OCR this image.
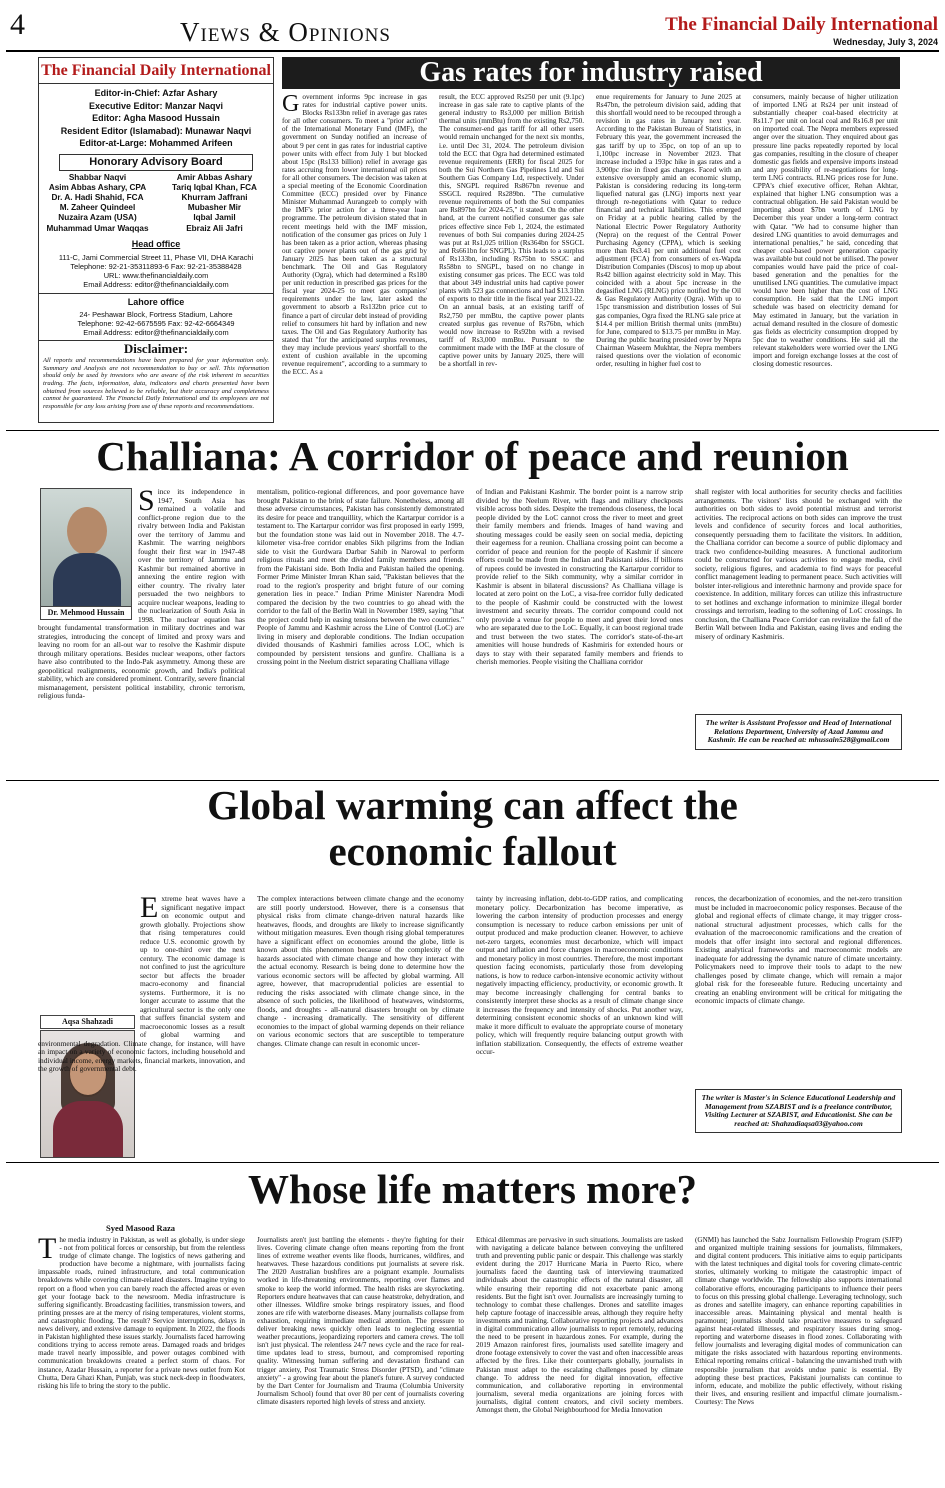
4	Views & Opinions	The Financial Daily International
Wednesday, July 3, 2024
The Financial Daily International
Editor-in-Chief: Azfar Ashary
Executive Editor: Manzar Naqvi
Editor: Agha Masood Hussain
Resident Editor (Islamabad): Munawar Naqvi
Editor-at-Large: Mohammed Arifeen
Honorary Advisory Board
Shabbar Naqvi
Asim Abbas Ashary, CPA
Dr. A. Hadi Shahid, FCA
M. Zaheer Quindeel
Nuzaira Azam (USA)
Muhammad Umar Waqqas
Amir Abbas Ashary
Tariq Iqbal Khan, FCA
Khurram Jaffrani
Mubasher Mir
Iqbal Jamil
Ebraiz Ali Jafri
Head office
111-C, Jami Commercial Street 11, Phase VII, DHA Karachi
Telephone: 92-21-35311893-6 Fax: 92-21-35388428
URL: www.thefinancialdaily.com
Email Address: editor@thefinancialdaily.com
Lahore office
24- Peshawar Block, Fortress Stadium, Lahore
Telephone: 92-42-6675595 Fax: 92-42-6664349
Email Address: editor@thefinancialdaily.com
Disclaimer:
All reports and recommendations have been prepared for your information only. Summary and Analysis are not recommendation to buy or sell. This information should only be used by investors who are aware of the risk inherent in securities trading. The facts, information, data, indicators and charts presented have been obtained from sources believed to be reliable, but their accuracy and completeness cannot be guaranteed. The Financial Daily International and its employees are not responsible for any loss arising from use of these reports and recommendations.
Gas rates for industry raised
Government informs 9pc increase in gas rates for industrial captive power units. Blocks Rs133bn relief in average gas rates for all other consumers. To meet a "prior action" of the International Monetary Fund (IMF), the government on Sunday notified an increase of about 9 per cent in gas rates for industrial captive power units with effect from July 1 but blocked about 15pc (Rs133 billion) relief in average gas rates accruing from lower international oil prices for all other consumers. The decision was taken at a special meeting of the Economic Coordination Committee (ECC) presided over by Finance Minister Muhammad Aurangzeb to comply with the IMF's prior action for a three-year loan programme. The petroleum division stated that in recent meetings held with the IMF mission, notification of the consumer gas prices on July 1 has been taken as a prior action, whereas phasing out captive power plants out of the gas grid by January 2025 has been taken as a structural benchmark. The Oil and Gas Regulatory Authority (Ogra), which had determined a Rs180 per unit reduction in prescribed gas prices for the fiscal year 2024-25 to meet gas companies' requirements under the law, later asked the government to absorb a Rs132bn price cut to finance a part of circular debt instead of providing relief to consumers hit hard by inflation and new taxes. The Oil and Gas Regulatory Authority has stated that "for the anticipated surplus revenues, they may include previous years' shortfall to the extent of cushion available in the upcoming revenue requirement", according to a summary to the ECC. As a
result, the ECC approved Rs250 per unit (9.1pc) increase in gas sale rate to captive plants of the general industry to Rs3,000 per million British thermal units (mmBtu) from the existing Rs2,750. The consumer-end gas tariff for all other users would remain unchanged for the next six months, i.e. until Dec 31, 2024. The petroleum division told the ECC that Ogra had determined estimated revenue requirements (ERR) for fiscal 2025 for both the Sui Northern Gas Pipelines Ltd and Sui Southern Gas Company Ltd, respectively. Under this, SNGPL required Rs867bn revenue and SSGCL required Rs289bn. "The cumulative revenue requirements of both the Sui companies are Rs897bn for 2024-25," it stated. On the other hand, at the current notified consumer gas sale prices effective since Feb 1, 2024, the estimated revenues of both Sui companies during 2024-25 was put at Rs1,025 trillion (Rs364bn for SSGCL and Rs661bn for SNGPL). This leads to a surplus of Rs133bn, including Rs75bn to SSGC and Rs58bn to SNGPL, based on no change in existing consumer gas prices. The ECC was told that about 349 industrial units had captive power plants with 523 gas connections and had $13.31bn of exports to their title in the fiscal year 2021-22. On an annual basis, at an existing tariff of Rs2,750 per mmBtu, the captive power plants created surplus gas revenue of Rs76bn, which would now increase to Rs92bn with a revised tariff of Rs3,000 mmBtu. Pursuant to the commitment made with the IMF at the closure of captive power units by January 2025, there will be a shortfall in rev-
enue requirements for January to June 2025 at Rs47bn, the petroleum division said, adding that this shortfall would need to be recouped through a revision in gas rates in January next year. According to the Pakistan Bureau of Statistics, in February this year, the government increased the gas tariff by up to 35pc, on top of an up to 1,100pc increase in November 2023. That increase included a 193pc hike in gas rates and a 3,900pc rise in fixed gas charges. Faced with an extensive oversupply amid an economic slump, Pakistan is considering reducing its long-term liquefied natural gas (LNG) imports next year through re-negotiations with Qatar to reduce financial and technical liabilities. This emerged on Friday at a public hearing called by the National Electric Power Regulatory Authority (Nepra) on the request of the Central Power Purchasing Agency (CPPA), which is seeking more than Rs3.41 per unit additional fuel cost adjustment (FCA) from consumers of ex-Wapda Distribution Companies (Discos) to mop up about Rs42 billion against electricity sold in May. This coincided with a about 5pc increase in the degasified LNG (RLNG) price notified by the Oil & Gas Regulatory Authority (Ogra). With up to 15pc transmission and distribution losses of Sui gas companies, Ogra fixed the RLNG sale price at $14.4 per million British thermal units (mmBtu) for June, compared to $13.75 per mmBtu in May. During the public hearing presided over by Nepra Chairman Waseem Mukhtar, the Nepra members raised questions over the violation of economic order, resulting in higher fuel cost to
consumers, mainly because of higher utilization of imported LNG at Rs24 per unit instead of substantially cheaper coal-based electricity at Rs11.7 per unit on local coal and Rs16.8 per unit on imported coal. The Nepra members expressed anger over the situation. They enquired about gas pressure line packs repeatedly reported by local gas companies, resulting in the closure of cheaper domestic gas fields and expensive imports instead and any possibility of re-negotiations for long-term LNG contracts. RLNG prices rose for June. CPPA's chief executive officer, Rehan Akhtar, explained that higher LNG consumption was a contractual obligation. He said Pakistan would be importing about $7bn worth of LNG by December this year under a long-term contract with Qatar. "We had to consume higher than desired LNG quantities to avoid demurrages and international penalties," he said, conceding that cheaper coal-based power generation capacity was available but could not be utilised. The power companies would have paid the price of coal-based generation and the penalties for the unutilised LNG quantities. The cumulative impact would have been higher than the cost of LNG consumption. He said that the LNG import schedule was based on electricity demand for May estimated in January, but the variation in actual demand resulted in the closure of domestic gas fields as electricity consumption dropped by 5pc due to weather conditions. He said all the relevant stakeholders were worried over the LNG import and foreign exchange losses at the cost of closing domestic resources.
Challiana: A corridor of peace and reunion
Dr. Mehmood Hussain
Since its independence in 1947, South Asia has remained a volatile and conflict-prone region due to the rivalry between India and Pakistan over the territory of Jammu and Kashmir. The warring neighbors fought their first war in 1947-48 over the territory of Jammu and Kashmir but remained abortive in annexing the entire region with either country. The rivalry later persuaded the two neighbors to acquire nuclear weapons, leading to the nuclearization of South Asia in 1998. The nuclear equation has brought fundamental transformation in military doctrines and war strategies, introducing the concept of limited and proxy wars and leaving no room for an all-out war to resolve the Kashmir dispute through military operations. Besides nuclear weapons, other factors have also contributed to the Indo-Pak asymmetry. Among these are geopolitical realignments, economic growth, and India's political stability, which are considered prominent. Contrarily, severe financial mismanagement, persistent political instability, chronic terrorism, religious funda-
mentalism, politico-regional differences, and poor governance have brought Pakistan to the brink of state failure. Nonetheless, among all these adverse circumstances, Pakistan has consistently demonstrated its desire for peace and tranquillity, which the Kartarpur corridor is a testament to. The Kartarpur corridor was first proposed in early 1999, but the foundation stone was laid out in November 2018. The 4.7-kilometer visa-free corridor enables Sikh pilgrims from the Indian side to visit the Gurdwara Darbar Sahib in Narowal to perform religious rituals and meet the divided family members and friends from the Pakistani side. Both India and Pakistan hailed the opening. Former Prime Minister Imran Khan said, "Pakistan believes that the road to the region's prosperity and bright future of our coming generation lies in peace." Indian Prime Minister Narendra Modi compared the decision by the two countries to go ahead with the corridor to the fall of the Berlin Wall in November 1989, saying "that the project could help in easing tensions between the two countries." People of Jammu and Kashmir across the Line of Control (LoC) are living in misery and deplorable conditions. The Indian occupation divided thousands of Kashmiri families across LOC, which is compounded by persistent tensions and gunfire. Challiana is a crossing point in the Neelum district separating Challiana village
of Indian and Pakistani Kashmir. The border point is a narrow strip divided by the Neelum River, with flags and military checkposts visible across both sides. Despite the tremendous closeness, the local people divided by the LoC cannot cross the river to meet and greet their family members and friends. Images of hand waving and shouting messages could be easily seen on social media, depicting their eagerness for a reunion. Challiana crossing point can become a corridor of peace and reunion for the people of Kashmir if sincere efforts could be made from the Indian and Pakistani sides. If billions of rupees could be invested in constructing the Kartarpur corridor to provide relief to the Sikh community, why a similar corridor in Kashmir is absent in bilateral discussions? As Challiana village is located at zero point on the LoC, a visa-free corridor fully dedicated to the people of Kashmir could be constructed with the lowest investment and security threats. The corridor compound could not only provide a venue for people to meet and greet their loved ones who are separated due to the LoC. Equally, it can boost regional trade and trust between the two states. The corridor's state-of-the-art amenities will house hundreds of Kashmiris for extended hours or days to stay with their separated family members and friends to cherish memories. People visiting the Challiana corridor
shall register with local authorities for security checks and facilities arrangements. The visitors' lists should be exchanged with the authorities on both sides to avoid potential mistrust and terrorist activities. The reciprocal actions on both sides can improve the trust levels and confidence of security forces and local authorities, consequently persuading them to facilitate the visitors. In addition, the Challiana corridor can become a source of public diplomacy and track two confidence-building measures. A functional auditorium could be constructed for various activities to engage media, civil society, religious figures, and academia to find ways for peaceful conflict management leading to permanent peace. Such activities will bolster inter-religious and interethnic harmony and provide space for coexistence. In addition, military forces can utilize this infrastructure to set hotlines and exchange information to minimize illegal border crossings and terrorism, leading to the softening of LoC crossings. In conclusion, the Challiana Peace Corridor can revitalize the fall of the Berlin Wall between India and Pakistan, easing lives and ending the misery of ordinary Kashmiris.
The writer is Assistant Professor and Head of International Relations Department, University of Azad Jammu and Kashmir. He can be reached at: mhussain528@gmail.com
Global warming can affect the
economic fallout
Aqsa Shahzadi
Extreme heat waves have a significant negative impact on economic output and growth globally. Projections show that rising temperatures could reduce U.S. economic growth by up to one-third over the next century. The economic damage is not confined to just the agriculture sector but affects the broader macro-economy and financial systems. Furthermore, it is no longer accurate to assume that the agricultural sector is the only one that suffers financial system and macroeconomic losses as a result of global warming and environmental degradation. Climate change, for instance, will have an impact on a variety of economic factors, including household and individual income, energy markets, financial markets, innovation, and the growth of governmental debt.
The complex interactions between climate change and the economy are still poorly understood. However, there is a consensus that physical risks from climate change-driven natural hazards like heatwaves, floods, and droughts are likely to increase significantly without mitigation measures. Even though rising global temperatures have a significant effect on economies around the globe, little is known about this phenomenon because of the complexity of the hazards associated with climate change and how they interact with the actual economy. Research is being done to determine how the various economic sectors will be affected by global warming. All agree, however, that macroprudential policies are essential to reducing the risks associated with climate change since, in the absence of such policies, the likelihood of heatwaves, windstorms, floods, and droughts - all-natural disasters brought on by climate change - increasing dramatically. The sensitivity of different economies to the impact of global warming depends on their reliance on various economic sectors that are susceptible to temperature changes. Climate change can result in economic uncer-
tainty by increasing inflation, debt-to-GDP ratios, and complicating monetary policy. Decarbonization has become imperative, as lowering the carbon intensity of production processes and energy consumption is necessary to reduce carbon emissions per unit of output produced and make production cleaner. However, to achieve net-zero targets, economies must decarbonize, which will impact output and inflation and force changes in macroeconomic conditions and monetary policy in most countries. Therefore, the most important question facing economists, particularly those from developing nations, is how to reduce carbon-intensive economic activity without negatively impacting efficiency, productivity, or economic growth. It may become increasingly challenging for central banks to consistently interpret these shocks as a result of climate change since it increases the frequency and intensity of shocks. Put another way, determining consistent economic shocks of an unknown kind will make it more difficult to evaluate the appropriate course of monetary policy, which will frequently require balancing output growth with inflation stabilization. Consequently, the effects of extreme weather occur-
rences, the decarbonization of economies, and the net-zero transition must be included in macroeconomic policy responses. Because of the global and regional effects of climate change, it may trigger cross-national structural adjustment processes, which calls for the evaluation of the macroeconomic ramifications and the creation of models that offer insight into sectoral and regional differences. Existing analytical frameworks and macroeconomic models are inadequate for addressing the dynamic nature of climate uncertainty. Policymakers need to improve their tools to adapt to the new challenges posed by climate change, which will remain a major global risk for the foreseeable future. Reducing uncertainty and creating an enabling environment will be critical for mitigating the economic impacts of climate change.
The writer is Master's in Science Educational Leadership and Management from SZABIST and is a freelance contributor, Visiting Lecturer at SZABIST, and Educationist. She can be reached at: Shahzadiaqsa03@yahoo.com
Whose life matters more?
Syed Masood Raza
The media industry in Pakistan, as well as globally, is under siege - not from political forces or censorship, but from the relentless trudge of climate change. The logistics of news gathering and production have become a nightmare, with journalists facing impassable roads, ruined infrastructure, and total communication breakdowns while covering climate-related disasters. Imagine trying to report on a flood when you can barely reach the affected areas or even get your footage back to the newsroom. Media infrastructure is suffering significantly. Broadcasting facilities, transmission towers, and printing presses are at the mercy of rising temperatures, violent storms, and catastrophic flooding. The result? Service interruptions, delays in news delivery, and extensive damage to equipment. In 2022, the floods in Pakistan highlighted these issues starkly. Journalists faced harrowing conditions trying to access remote areas. Damaged roads and bridges made travel nearly impossible, and power outages combined with communication breakdowns created a perfect storm of chaos. For instance, Azadar Hussain, a reporter for a private news outlet from Kot Chutta, Dera Ghazi Khan, Punjab, was stuck neck-deep in floodwaters, risking his life to bring the story to the public.
Journalists aren't just battling the elements - they're fighting for their lives. Covering climate change often means reporting from the front lines of extreme weather events like floods, hurricanes, wildfires, and heatwaves. These hazardous conditions put journalists at severe risk. The 2020 Australian bushfires are a poignant example. Journalists worked in life-threatening environments, reporting over flames and smoke to keep the world informed. The health risks are skyrocketing. Reporters endure heatwaves that can cause heatstroke, dehydration, and other illnesses. Wildfire smoke brings respiratory issues, and flood zones are rife with waterborne diseases. Many journalists collapse from exhaustion, requiring immediate medical attention. The pressure to deliver breaking news quickly often leads to neglecting essential weather precautions, jeopardizing reporters and camera crews. The toll isn't just physical. The relentless 24/7 news cycle and the race for real-time updates lead to stress, burnout, and compromised reporting quality. Witnessing human suffering and devastation firsthand can trigger anxiety, Post Traumatic Stress Disorder (PTSD), and "climate anxiety" - a growing fear about the planet's future. A survey conducted by the Dart Center for Journalism and Trauma (Columbia University Journalism School) found that over 80 per cent of journalists covering climate disasters reported high levels of stress and anxiety.
Ethical dilemmas are pervasive in such situations. Journalists are tasked with navigating a delicate balance between conveying the unfiltered truth and preventing public panic or despair. This challenge was starkly evident during the 2017 Hurricane Maria in Puerto Rico, where journalists faced the daunting task of interviewing traumatized individuals about the catastrophic effects of the natural disaster, all while ensuring their reporting did not exacerbate panic among residents. But the fight isn't over. Journalists are increasingly turning to technology to combat these challenges. Drones and satellite images help capture footage of inaccessible areas, although they require hefty investments and training. Collaborative reporting projects and advances in digital communication allow journalists to report remotely, reducing the need to be present in hazardous zones. For example, during the 2019 Amazon rainforest fires, journalists used satellite imagery and drone footage extensively to cover the vast and often inaccessible areas affected by the fires. Like their counterparts globally, journalists in Pakistan must adapt to the escalating challenges posed by climate change. To address the need for digital innovation, effective communication, and collaborative reporting in environmental journalism, several media organizations are joining forces with journalists, digital content creators, and civil society members. Amongst them, the Global Neighbourhood for Media Innovation
(GNMI) has launched the Sabz Journalism Fellowship Program (SJFP) and organized multiple training sessions for journalists, filmmakers, and digital content producers. This initiative aims to equip participants with the latest techniques and digital tools for covering climate-centric stories, ultimately working to mitigate the catastrophic impact of climate change worldwide. The fellowship also supports international collaborative efforts, encouraging participants to influence their peers to focus on this pressing global challenge. Leveraging technology, such as drones and satellite imagery, can enhance reporting capabilities in inaccessible areas. Maintaining physical and mental health is paramount; journalists should take proactive measures to safeguard against heat-related illnesses, and respiratory issues during smog-reporting and waterborne diseases in flood zones. Collaborating with fellow journalists and leveraging digital modes of communication can mitigate the risks associated with hazardous reporting environments. Ethical reporting remains critical - balancing the unvarnished truth with responsible journalism that avoids undue panic is essential. By adopting these best practices, Pakistani journalists can continue to inform, educate, and mobilize the public effectively, without risking their lives, and ensuring resilient and impactful climate journalism.-Courtesy: The News
